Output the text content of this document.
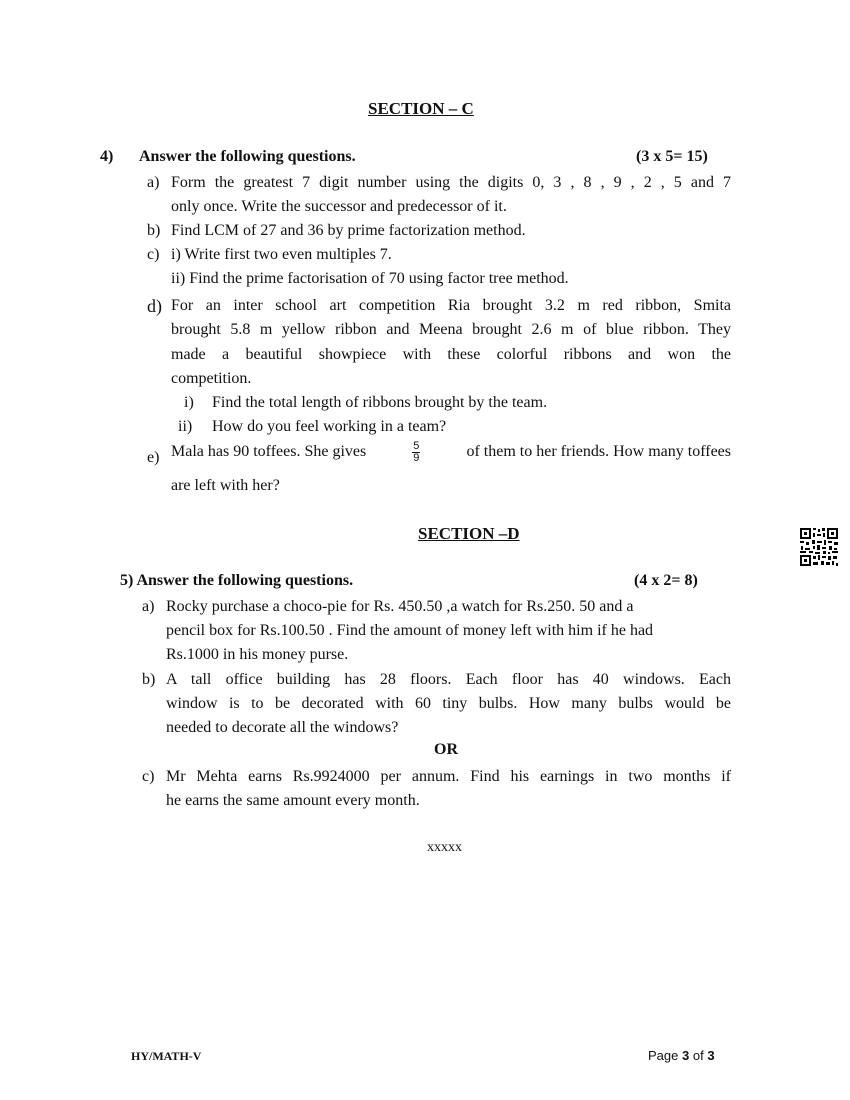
SECTION – C
4) Answer the following questions.	(3 x 5= 15)
a) Form the greatest 7 digit number using the digits 0, 3 , 8 , 9 , 2 , 5 and 7
only once. Write the successor and predecessor of it.
b) Find LCM of 27 and 36 by prime factorization method.
c) i) Write first two even multiples 7.
ii) Find the prime factorisation of 70 using factor tree method.
d) For an inter school art competition Ria brought 3.2 m red ribbon, Smita
brought 5.8 m yellow ribbon and Meena brought 2.6 m of blue ribbon. They
made a beautiful showpiece with these colorful ribbons and won the
competition.
i) Find the total length of ribbons brought by the team.
ii) How do you feel working in a team?
e) Mala has 90 toffees. She gives	$\frac{5}{9}$	of them to her friends. How many toffees
are left with her?
SECTION –D
5) Answer the following questions.	(4 x 2= 8)
a) Rocky purchase a choco-pie for Rs. 450.50 ,a watch for Rs.250. 50 and a
pencil box for Rs.100.50 . Find the amount of money left with him if he had
Rs.1000 in his money purse.
b) A tall office building has 28 floors. Each floor has 40 windows. Each
window is to be decorated with 60 tiny bulbs. How many bulbs would be
needed to decorate all the windows?
OR
c) Mr Mehta earns Rs.9924000 per annum. Find his earnings in two months if
he earns the same amount every month.
xxxxx
HY/MATH-V	Page 3 of 3
